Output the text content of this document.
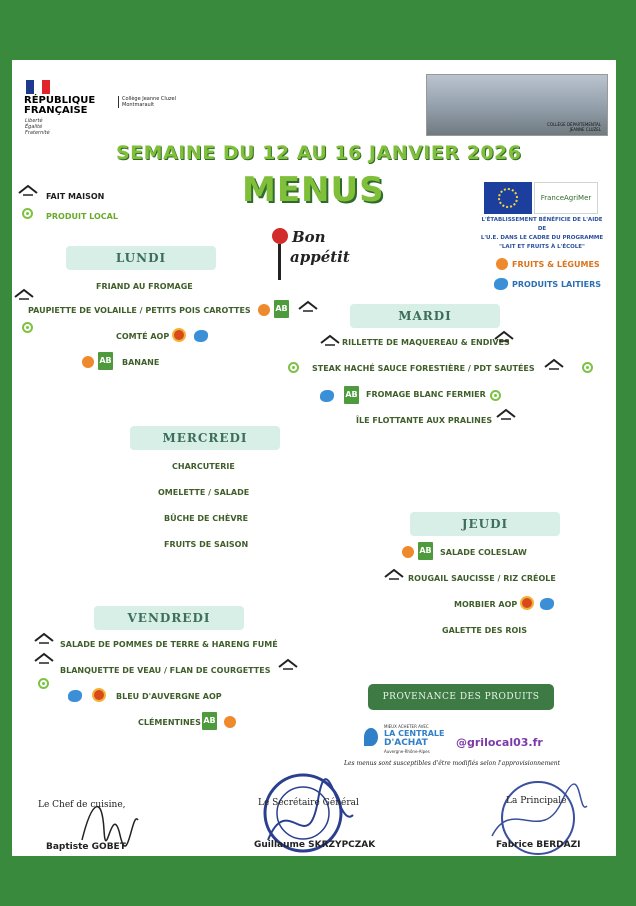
RÉPUBLIQUE
FRANÇAISE
Liberté
Égalité
Fraternité
Collège Jeanne Cluzel
Montmarault
COLLÈGE DÉPARTEMENTAL
JEANNE CLUZEL
SEMAINE DU 12 AU 16 JANVIER 2026
MENUS
Bon
appétit
FAIT MAISON
PRODUIT LOCAL
FranceAgriMer
L'ÉTABLISSEMENT BÉNÉFICIE DE L'AIDE DE
L'U.E. DANS LE CADRE DU PROGRAMME
"LAIT ET FRUITS À L'ÉCOLE"
FRUITS & LÉGUMES
PRODUITS LAITIERS
LUNDI
FRIAND AU FROMAGE
PAUPIETTE DE VOLAILLE / PETITS POIS CAROTTES	AB
COMTÉ AOP
AB BANANE
MARDI
RILLETTE DE MAQUEREAU & ENDIVES
STEAK HACHÉ SAUCE FORESTIÈRE / PDT SAUTÉES
AB FROMAGE BLANC FERMIER
ÎLE FLOTTANTE AUX PRALINES
MERCREDI
CHARCUTERIE
OMELETTE / SALADE
BÛCHE DE CHÈVRE
FRUITS DE SAISON
JEUDI
AB SALADE COLESLAW
ROUGAIL SAUCISSE / RIZ CRÉOLE
MORBIER AOP
GALETTE DES ROIS
VENDREDI
SALADE DE POMMES DE TERRE & HARENG FUMÉ
BLANQUETTE DE VEAU / FLAN DE COURGETTES
BLEU D'AUVERGNE AOP
CLÉMENTINES AB
PROVENANCE DES PRODUITS
MIEUX ACHETER AVEC
LA CENTRALE
D'ACHAT
Auvergne-Rhône-Alpes
@grilocal03.fr
Les menus sont susceptibles d'être modifiés selon l'approvisionnement
Le Chef de cuisine,
Baptiste GOBET
Le Secrétaire Général
Guillaume SKRZYPCZAK
La Principale
Fabrice BERDAZI
